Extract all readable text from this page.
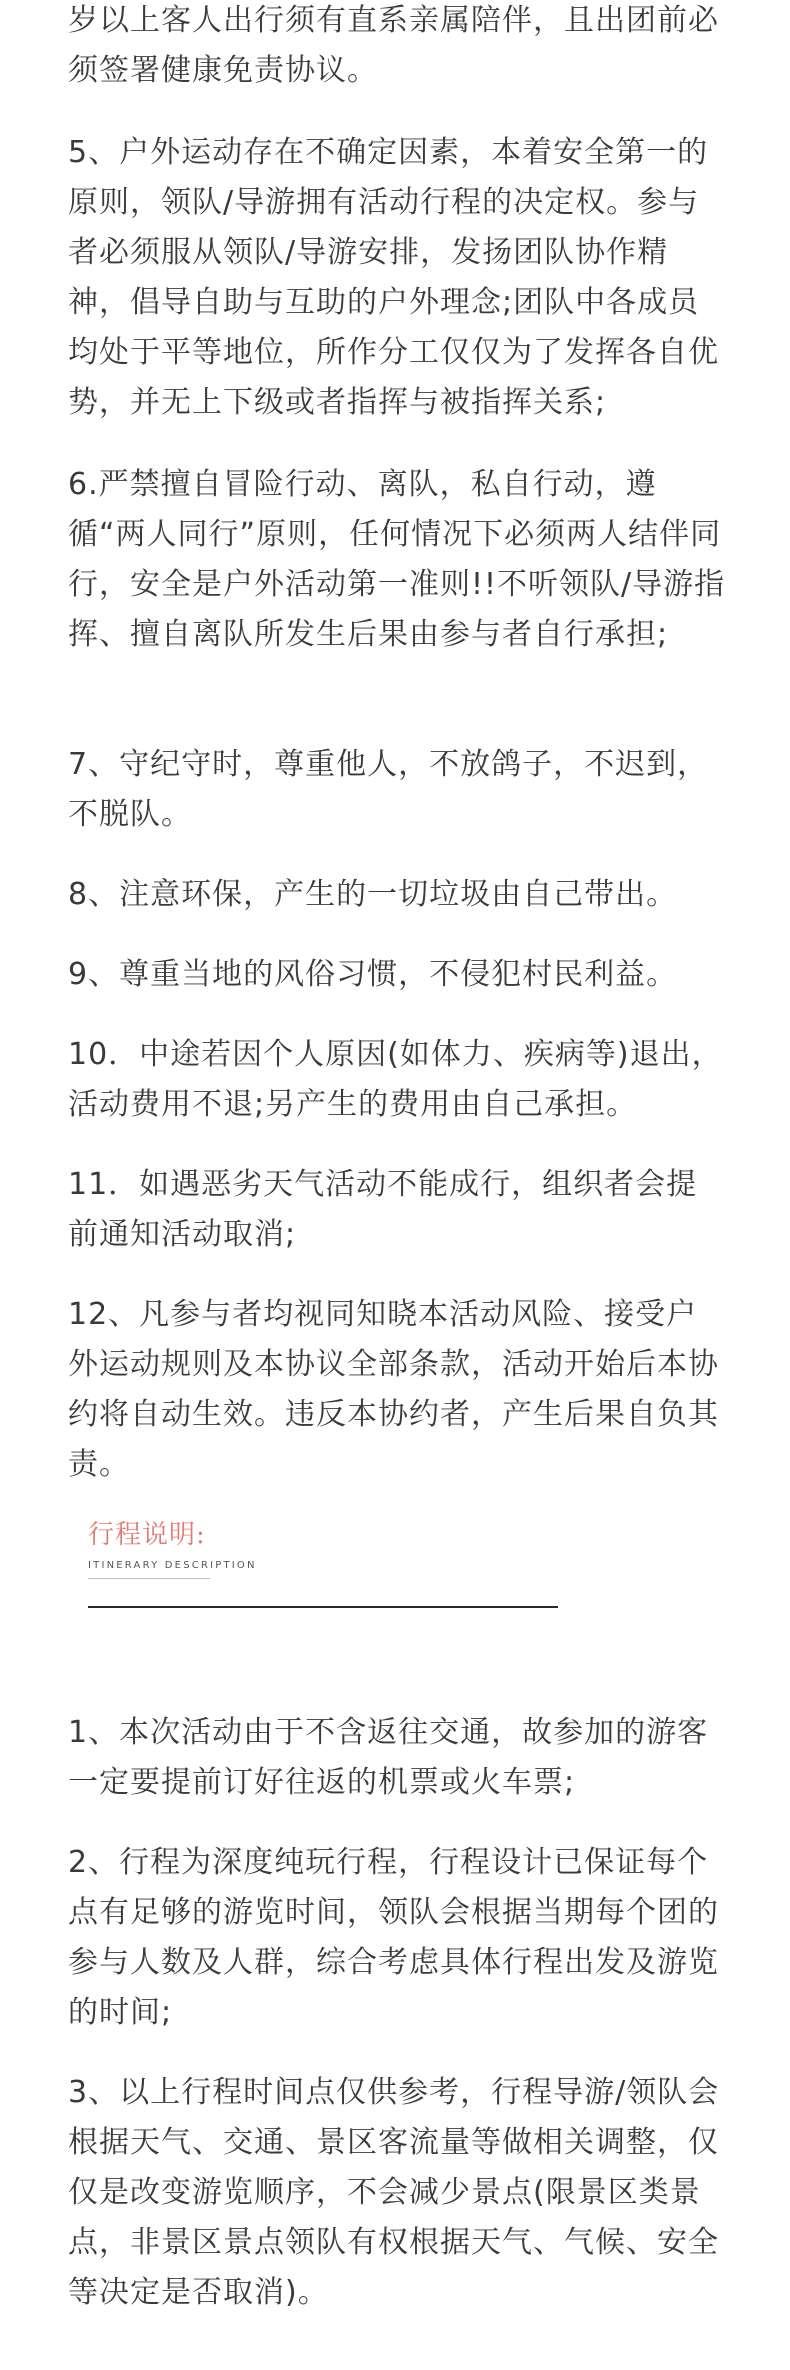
岁以上客人出行须有直系亲属陪伴，且出团前必须签署健康免责协议。

5、户外运动存在不确定因素，本着安全第一的原则，领队/导游拥有活动行程的决定权。参与者必须服从领队/导游安排，发扬团队协作精神，倡导自助与互助的户外理念;团队中各成员均处于平等地位，所作分工仅仅为了发挥各自优势，并无上下级或者指挥与被指挥关系;

6.严禁擅自冒险行动、离队，私自行动，遵循“两人同行”原则，任何情况下必须两人结伴同行，安全是户外活动第一准则!!不听领队/导游指挥、擅自离队所发生后果由参与者自行承担;

7、守纪守时，尊重他人，不放鸽子，不迟到，不脱队。

8、注意环保，产生的一切垃圾由自己带出。

9、尊重当地的风俗习惯，不侵犯村民利益。

10．中途若因个人原因(如体力、疾病等)退出，活动费用不退;另产生的费用由自己承担。

11．如遇恶劣天气活动不能成行，组织者会提前通知活动取消;

12、凡参与者均视同知晓本活动风险、接受户外运动规则及本协议全部条款，活动开始后本协约将自动生效。违反本协约者，产生后果自负其责。

行程说明:
ITINERARY DESCRIPTION

1、本次活动由于不含返往交通，故参加的游客一定要提前订好往返的机票或火车票;

2、行程为深度纯玩行程，行程设计已保证每个点有足够的游览时间，领队会根据当期每个团的参与人数及人群，综合考虑具体行程出发及游览的时间;

3、以上行程时间点仅供参考，行程导游/领队会根据天气、交通、景区客流量等做相关调整，仅仅是改变游览顺序，不会减少景点(限景区类景点，非景区景点领队有权根据天气、气候、安全等决定是否取消)。
